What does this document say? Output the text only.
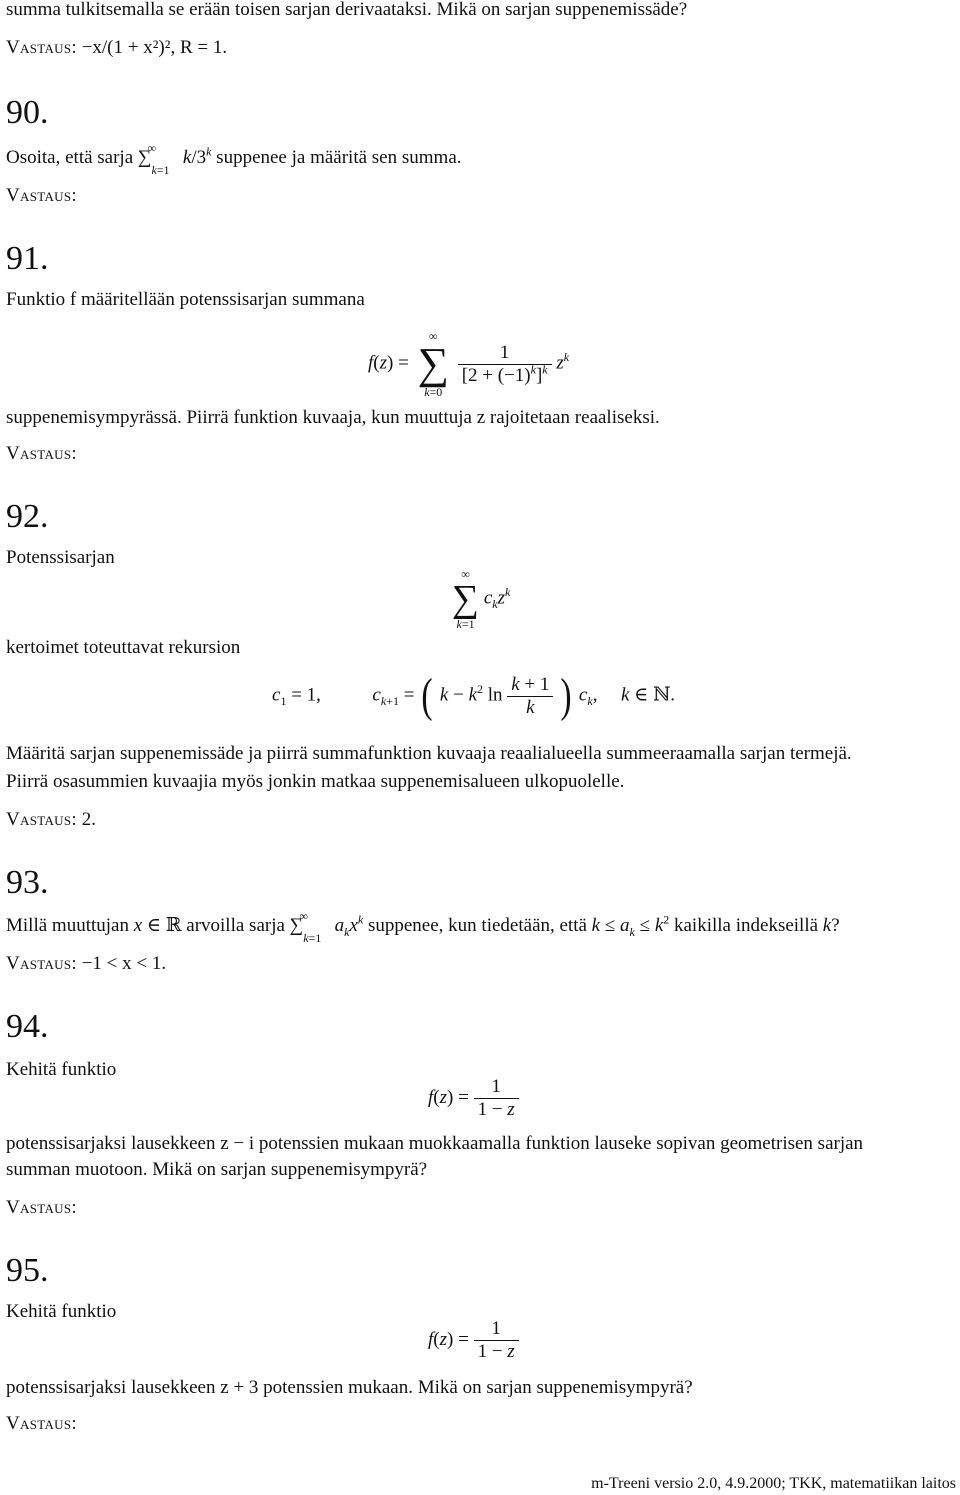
summa tulkitsemalla se erään toisen sarjan derivaataksi. Mikä on sarjan suppenemissäde?
Vastaus: −x/(1 + x²)², R = 1.
90.
Osoita, että sarja $\sum_{k=1}^\infty$ k/3$^k$ suppenee ja määritä sen summa.
Vastaus:
91.
Funktio f määritellään potenssisarjan summana
f(z) =
∞
∑
k=0

$\frac{1}{[2 + (-1)^k]^k} z^k$
suppenemisympyrässä. Piirrä funktion kuvaaja, kun muuttuja z rajoitetaan reaaliseksi.
Vastaus:
92.
Potenssisarjan
∞
∑
k=1
$c_kz^k$
kertoimet toteuttavat rekursion
$c_1 = 1$,  $c_{k+1}$ = ( $k - k^2$ $\ln \frac{k + 1}{k}$ ) $c_k$,  k ∈ ℕ.
Määritä sarjan suppenemissäde ja piirrä summafunktion kuvaaja reaalialueella summeeraamalla sarjan termejä.
Piirrä osasummien kuvaajia myös jonkin matkaa suppenemisalueen ulkopuolelle.
Vastaus: 2.
93.
Millä muuttujan x ∈ ℝ arvoilla sarja $\sum_{k=1}^\infty$ $a_kx^k$ suppenee, kun tiedetään, että $k \le a_k \le k^2$ kaikilla indekseillä k?
Vastaus: −1 < x < 1.
94.
Kehitä funktio
$f(z) = \frac{1}{1 - z}$
potenssisarjaksi lausekkeen z − i potenssien mukaan muokkaamalla funktion lauseke sopivan geometrisen sarjan
summan muotoon. Mikä on sarjan suppenemisympyrä?
Vastaus:
95.
Kehitä funktio
$f(z) = \frac{1}{1 - z}$
potenssisarjaksi lausekkeen z + 3 potenssien mukaan. Mikä on sarjan suppenemisympyrä?
Vastaus:
m-Treeni versio 2.0, 4.9.2000; TKK, matematiikan laitos
